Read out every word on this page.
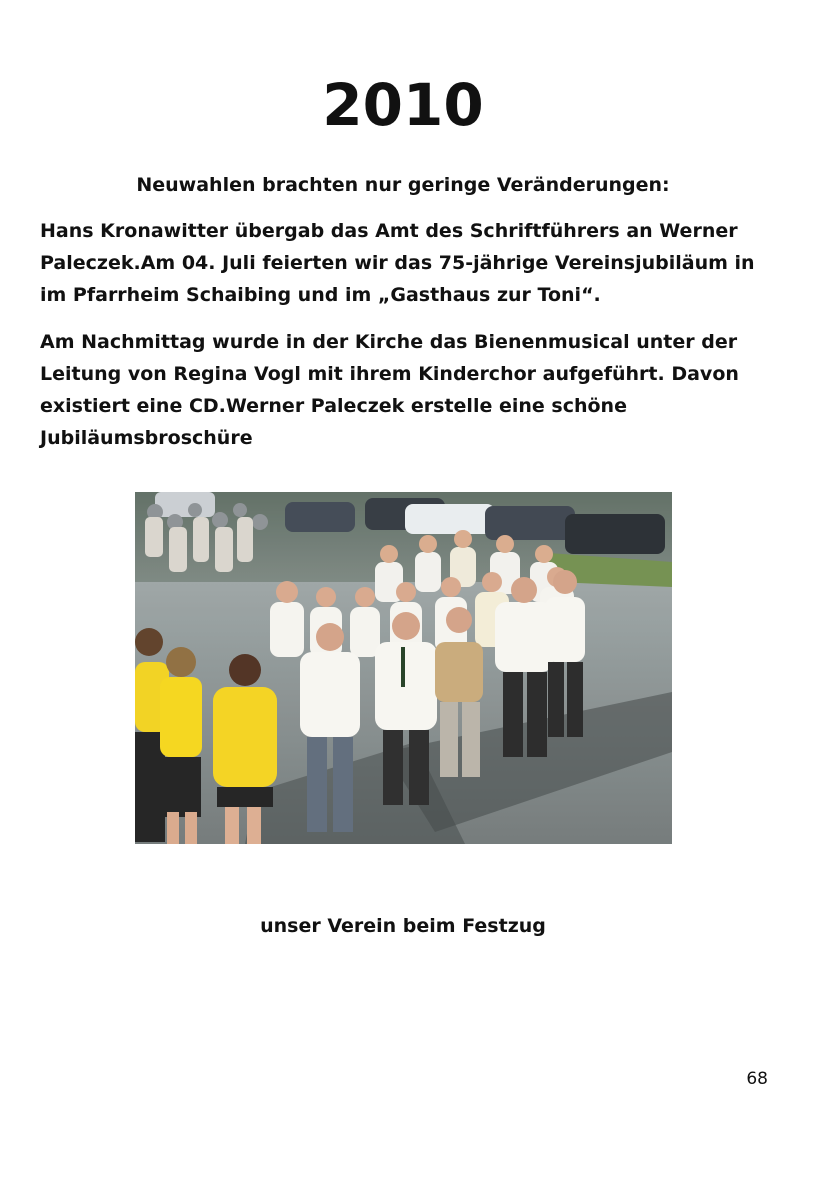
2010
Neuwahlen brachten nur geringe Veränderungen:
Hans Kronawitter übergab das Amt des Schriftführers an Werner Paleczek.Am 04. Juli feierten wir das 75-jährige Vereinsjubiläum in im Pfarrheim Schaibing und im „Gasthaus zur Toni“.
Am Nachmittag wurde in der Kirche das Bienenmusical unter der Leitung von Regina Vogl mit ihrem Kinderchor aufgeführt. Davon existiert eine CD.Werner Paleczek erstelle eine schöne Jubiläumsbroschüre
unser Verein beim Festzug
68
